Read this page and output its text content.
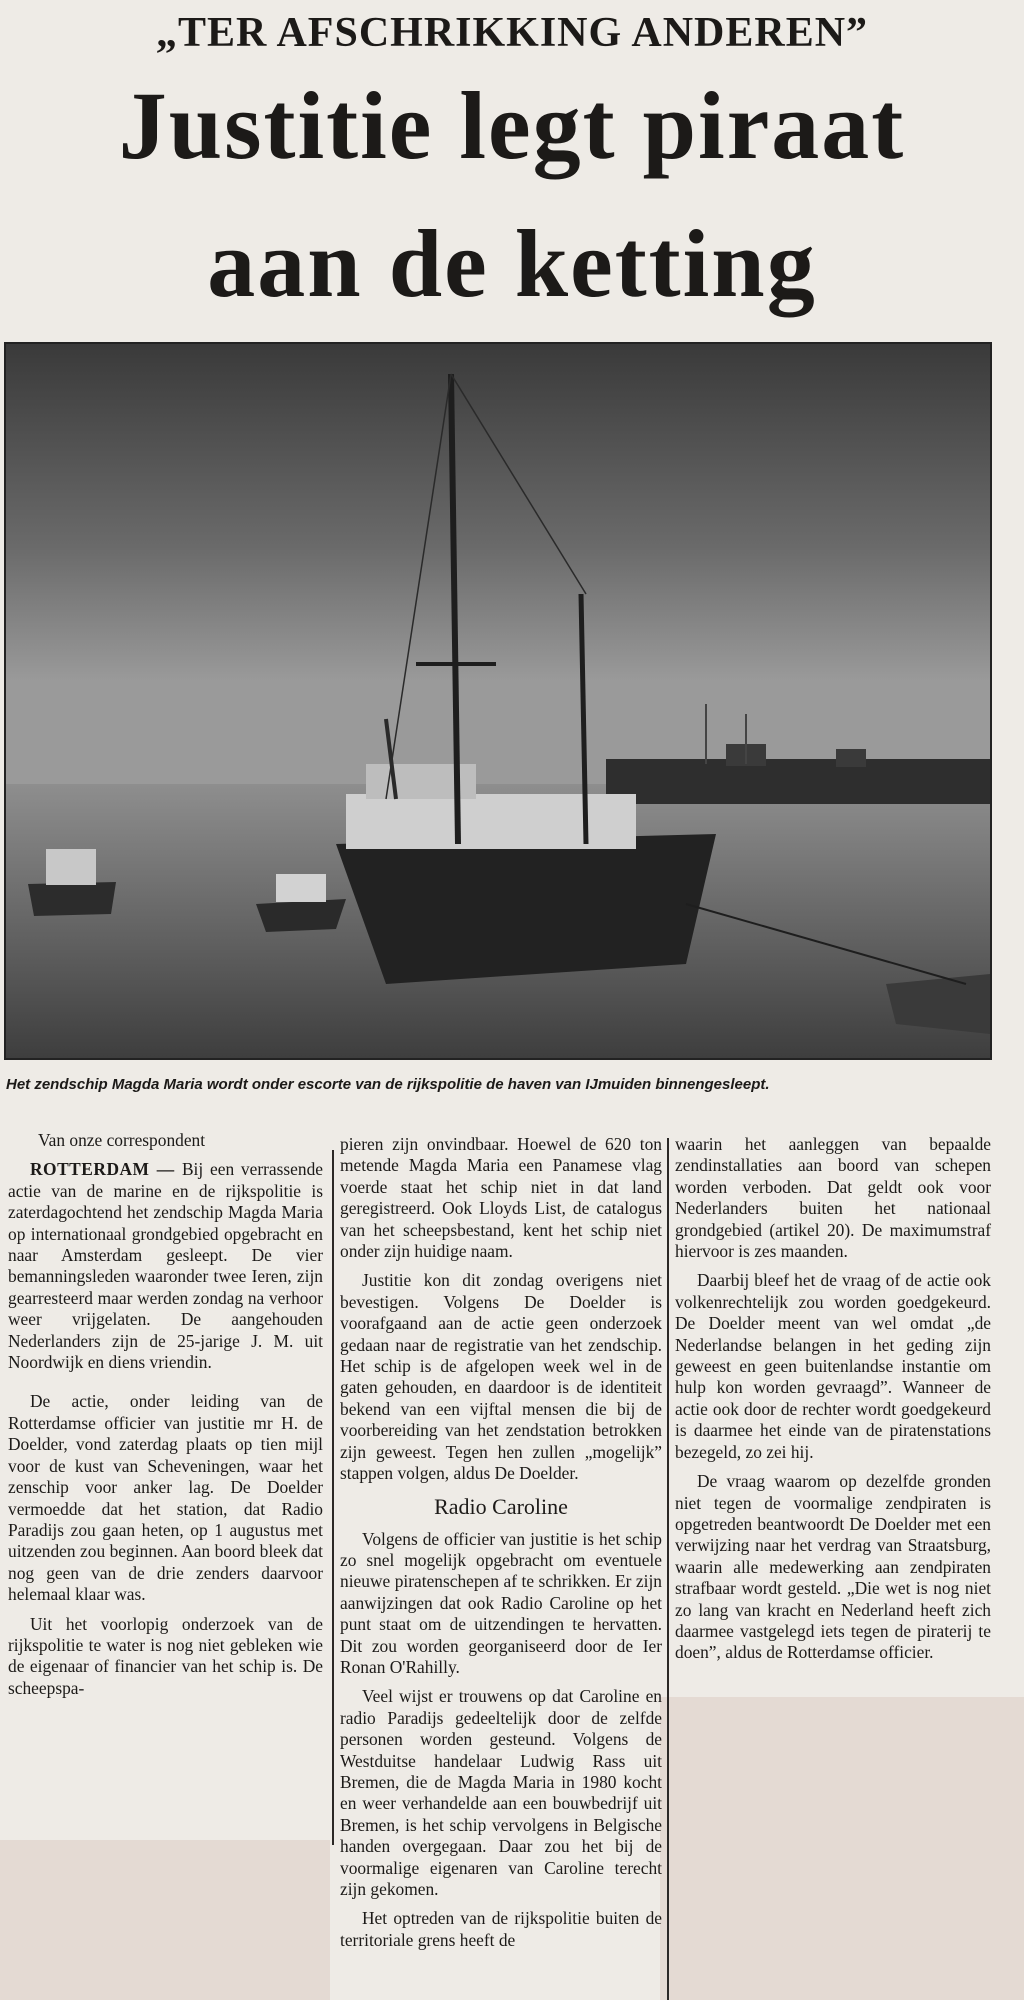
„TER AFSCHRIKKING ANDEREN”
Justitie legt piraat
aan de ketting
Het zendschip Magda Maria wordt onder escorte van de rijkspolitie de haven van IJmuiden binnengesleept.

Van onze correspondent

ROTTERDAM — Bij een verrassende actie van de marine en de rijkspolitie is zaterdagochtend het zendschip Magda Maria op internationaal grondgebied opgebracht en naar Amsterdam gesleept. De vier bemanningsleden waaronder twee Ieren, zijn gearresteerd maar werden zondag na verhoor weer vrijgelaten. De aangehouden Nederlanders zijn de 25-jarige J. M. uit Noordwijk en diens vriendin.

De actie, onder leiding van de Rotterdamse officier van justitie mr H. de Doelder, vond zaterdag plaats op tien mijl voor de kust van Scheveningen, waar het zenschip voor anker lag. De Doelder vermoedde dat het station, dat Radio Paradijs zou gaan heten, op 1 augustus met uitzenden zou beginnen. Aan boord bleek dat nog geen van de drie zenders daarvoor helemaal klaar was.

Uit het voorlopig onderzoek van de rijkspolitie te water is nog niet gebleken wie de eigenaar of financier van het schip is. De scheepspa-

pieren zijn onvindbaar. Hoewel de 620 ton metende Magda Maria een Panamese vlag voerde staat het schip niet in dat land geregistreerd. Ook Lloyds List, de catalogus van het scheepsbestand, kent het schip niet onder zijn huidige naam.

Justitie kon dit zondag overigens niet bevestigen. Volgens De Doelder is voorafgaand aan de actie geen onderzoek gedaan naar de registratie van het zendschip. Het schip is de afgelopen week wel in de gaten gehouden, en daardoor is de identiteit bekend van een vijftal mensen die bij de voorbereiding van het zendstation betrokken zijn geweest. Tegen hen zullen „mogelijk” stappen volgen, aldus De Doelder.

Radio Caroline

Volgens de officier van justitie is het schip zo snel mogelijk opgebracht om eventuele nieuwe piratenschepen af te schrikken. Er zijn aanwijzingen dat ook Radio Caroline op het punt staat om de uitzendingen te hervatten. Dit zou worden georganiseerd door de Ier Ronan O'Rahilly.

Veel wijst er trouwens op dat Caroline en radio Paradijs gedeeltelijk door de zelfde personen worden gesteund. Volgens de Westduitse handelaar Ludwig Rass uit Bremen, die de Magda Maria in 1980 kocht en weer verhandelde aan een bouwbedrijf uit Bremen, is het schip vervolgens in Belgische handen overgegaan. Daar zou het bij de voormalige eigenaren van Caroline terecht zijn gekomen.

Het optreden van de rijkspolitie buiten de territoriale grens heeft de

waarin het aanleggen van bepaalde zendinstallaties aan boord van schepen worden verboden. Dat geldt ook voor Nederlanders buiten het nationaal grondgebied (artikel 20). De maximumstraf hiervoor is zes maanden.

Daarbij bleef het de vraag of de actie ook volkenrechtelijk zou worden goedgekeurd. De Doelder meent van wel omdat „de Nederlandse belangen in het geding zijn geweest en geen buitenlandse instantie om hulp kon worden gevraagd”. Wanneer de actie ook door de rechter wordt goedgekeurd is daarmee het einde van de piratenstations bezegeld, zo zei hij.

De vraag waarom op dezelfde gronden niet tegen de voormalige zendpiraten is opgetreden beantwoordt De Doelder met een verwijzing naar het verdrag van Straatsburg, waarin alle medewerking aan zendpiraten strafbaar wordt gesteld. „Die wet is nog niet zo lang van kracht en Nederland heeft zich daarmee vastgelegd iets tegen de piraterij te doen”, aldus de Rotterdamse officier.
